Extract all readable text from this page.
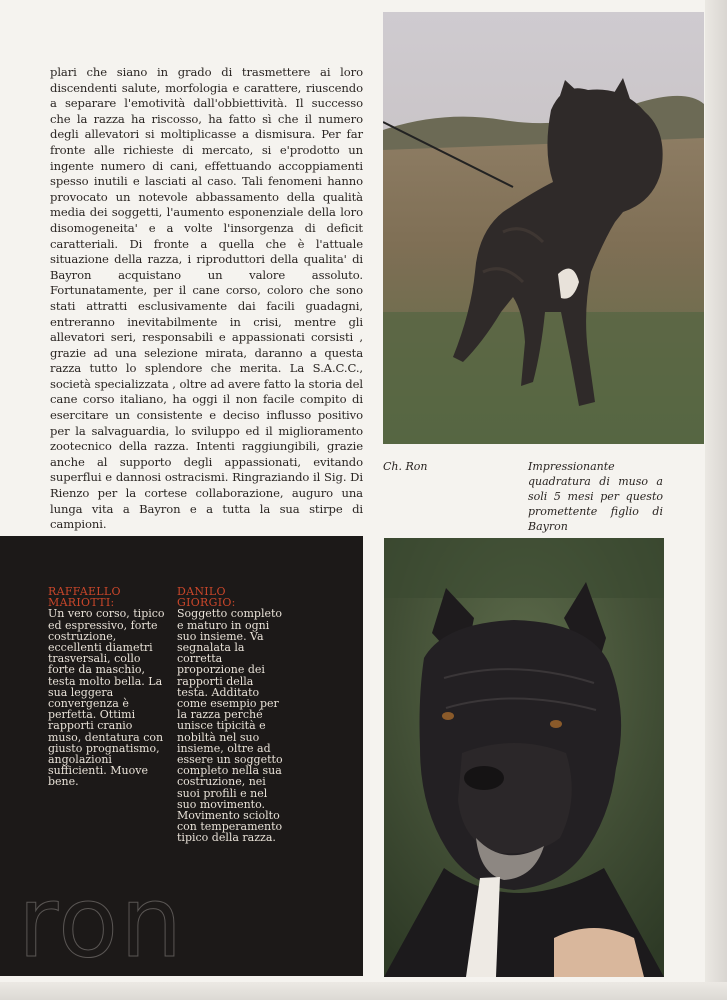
plari che siano in grado di trasmettere ai loro discendenti salute, morfologia e carattere, riuscendo a separare l'emotività dall'obbiettività. Il successo che la razza ha riscosso, ha fatto sì che il numero degli allevatori si moltiplicasse a dismisura. Per far fronte alle richieste di mercato, si e'prodotto un ingente numero di cani, effettuando accoppiamenti spesso inutili e lasciati al caso. Tali fenomeni hanno provocato un notevole abbassamento della qualità media dei soggetti, l'aumento esponenziale della loro disomogeneita' e a volte l'insorgenza di deficit caratteriali. Di fronte a quella che è l'attuale situazione della razza, i riproduttori della qualita' di Bayron acquistano un valore assoluto. Fortunatamente, per il cane corso, coloro che sono stati attratti esclusivamente dai facili guadagni, entreranno inevitabilmente in crisi, mentre gli allevatori seri, responsabili e appassionati corsisti , grazie ad una selezione mirata, daranno a questa razza tutto lo splendore che merita. La S.A.C.C., società specializzata , oltre ad avere fatto la storia del cane corso italiano, ha oggi il non facile compito di esercitare un consistente e deciso influsso positivo per la salvaguardia, lo sviluppo ed il miglioramento zootecnico della razza. Intenti raggiungibili, grazie anche al supporto degli appassionati, evitando superflui e dannosi ostracismi. Ringraziando il Sig. Di Rienzo per la cortese collaborazione, auguro una lunga vita a Bayron e a tutta la sua stirpe di campioni.

Ch. Ron	Impressionante quadratura di muso a soli 5 mesi per questo promettente figlio di Bayron

ron

RAFFAELLO MARIOTTI:
Un vero corso, tipico ed espressivo, forte costruzione, eccellenti diametri trasversali, collo forte da maschio, testa molto bella. La sua leggera convergenza è perfetta. Ottimi rapporti cranio muso, dentatura con giusto prognatismo, angolazioni sufficienti. Muove bene.

DANILO GIORGIO:
Soggetto completo e maturo in ogni suo insieme. Va segnalata la corretta proporzione dei rapporti della testa. Additato come esempio per la razza perché unisce tipicità e nobiltà nel suo insieme, oltre ad essere un soggetto completo nella sua costruzione, nei suoi profili e nel suo movimento. Movimento sciolto con temperamento tipico della razza.
